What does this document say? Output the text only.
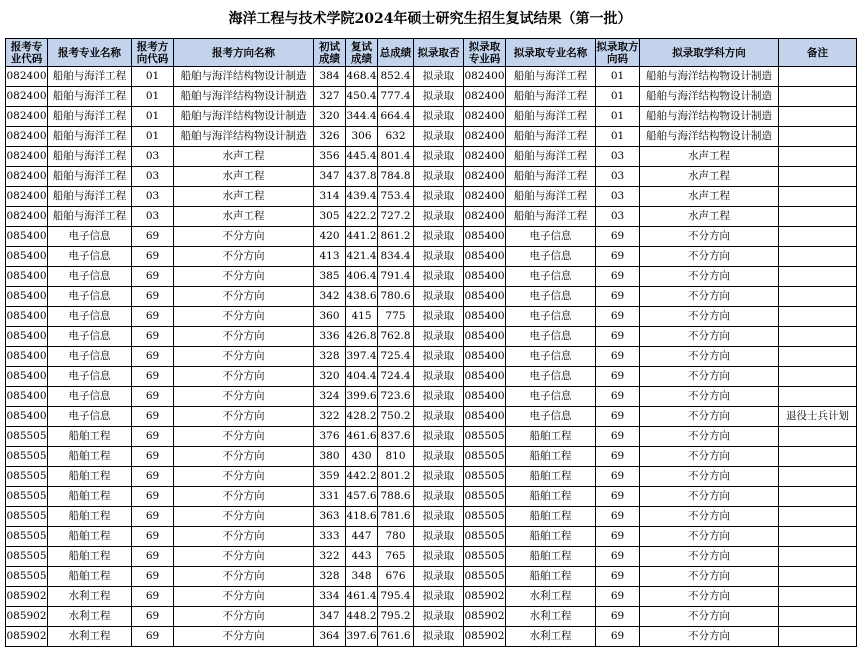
海洋工程与技术学院2024年硕士研究生招生复试结果（第一批）
报考专业代码	报考专业名称	报考方向代码	报考方向名称	初试成绩	复试成绩	总成绩	拟录取否	拟录取专业码	拟录取专业名称	拟录取方向码	拟录取学科方向	备注
082400	船舶与海洋工程	01	船舶与海洋结构物设计制造	384	468.4	852.4	拟录取	082400	船舶与海洋工程	01	船舶与海洋结构物设计制造	
082400	船舶与海洋工程	01	船舶与海洋结构物设计制造	327	450.4	777.4	拟录取	082400	船舶与海洋工程	01	船舶与海洋结构物设计制造	
082400	船舶与海洋工程	01	船舶与海洋结构物设计制造	320	344.4	664.4	拟录取	082400	船舶与海洋工程	01	船舶与海洋结构物设计制造	
082400	船舶与海洋工程	01	船舶与海洋结构物设计制造	326	306	632	拟录取	082400	船舶与海洋工程	01	船舶与海洋结构物设计制造	
082400	船舶与海洋工程	03	水声工程	356	445.4	801.4	拟录取	082400	船舶与海洋工程	03	水声工程	
082400	船舶与海洋工程	03	水声工程	347	437.8	784.8	拟录取	082400	船舶与海洋工程	03	水声工程	
082400	船舶与海洋工程	03	水声工程	314	439.4	753.4	拟录取	082400	船舶与海洋工程	03	水声工程	
082400	船舶与海洋工程	03	水声工程	305	422.2	727.2	拟录取	082400	船舶与海洋工程	03	水声工程	
085400	电子信息	69	不分方向	420	441.2	861.2	拟录取	085400	电子信息	69	不分方向	
085400	电子信息	69	不分方向	413	421.4	834.4	拟录取	085400	电子信息	69	不分方向	
085400	电子信息	69	不分方向	385	406.4	791.4	拟录取	085400	电子信息	69	不分方向	
085400	电子信息	69	不分方向	342	438.6	780.6	拟录取	085400	电子信息	69	不分方向	
085400	电子信息	69	不分方向	360	415	775	拟录取	085400	电子信息	69	不分方向	
085400	电子信息	69	不分方向	336	426.8	762.8	拟录取	085400	电子信息	69	不分方向	
085400	电子信息	69	不分方向	328	397.4	725.4	拟录取	085400	电子信息	69	不分方向	
085400	电子信息	69	不分方向	320	404.4	724.4	拟录取	085400	电子信息	69	不分方向	
085400	电子信息	69	不分方向	324	399.6	723.6	拟录取	085400	电子信息	69	不分方向	
085400	电子信息	69	不分方向	322	428.2	750.2	拟录取	085400	电子信息	69	不分方向	退役士兵计划
085505	船舶工程	69	不分方向	376	461.6	837.6	拟录取	085505	船舶工程	69	不分方向	
085505	船舶工程	69	不分方向	380	430	810	拟录取	085505	船舶工程	69	不分方向	
085505	船舶工程	69	不分方向	359	442.2	801.2	拟录取	085505	船舶工程	69	不分方向	
085505	船舶工程	69	不分方向	331	457.6	788.6	拟录取	085505	船舶工程	69	不分方向	
085505	船舶工程	69	不分方向	363	418.6	781.6	拟录取	085505	船舶工程	69	不分方向	
085505	船舶工程	69	不分方向	333	447	780	拟录取	085505	船舶工程	69	不分方向	
085505	船舶工程	69	不分方向	322	443	765	拟录取	085505	船舶工程	69	不分方向	
085505	船舶工程	69	不分方向	328	348	676	拟录取	085505	船舶工程	69	不分方向	
085902	水利工程	69	不分方向	334	461.4	795.4	拟录取	085902	水利工程	69	不分方向	
085902	水利工程	69	不分方向	347	448.2	795.2	拟录取	085902	水利工程	69	不分方向	
085902	水利工程	69	不分方向	364	397.6	761.6	拟录取	085902	水利工程	69	不分方向	
